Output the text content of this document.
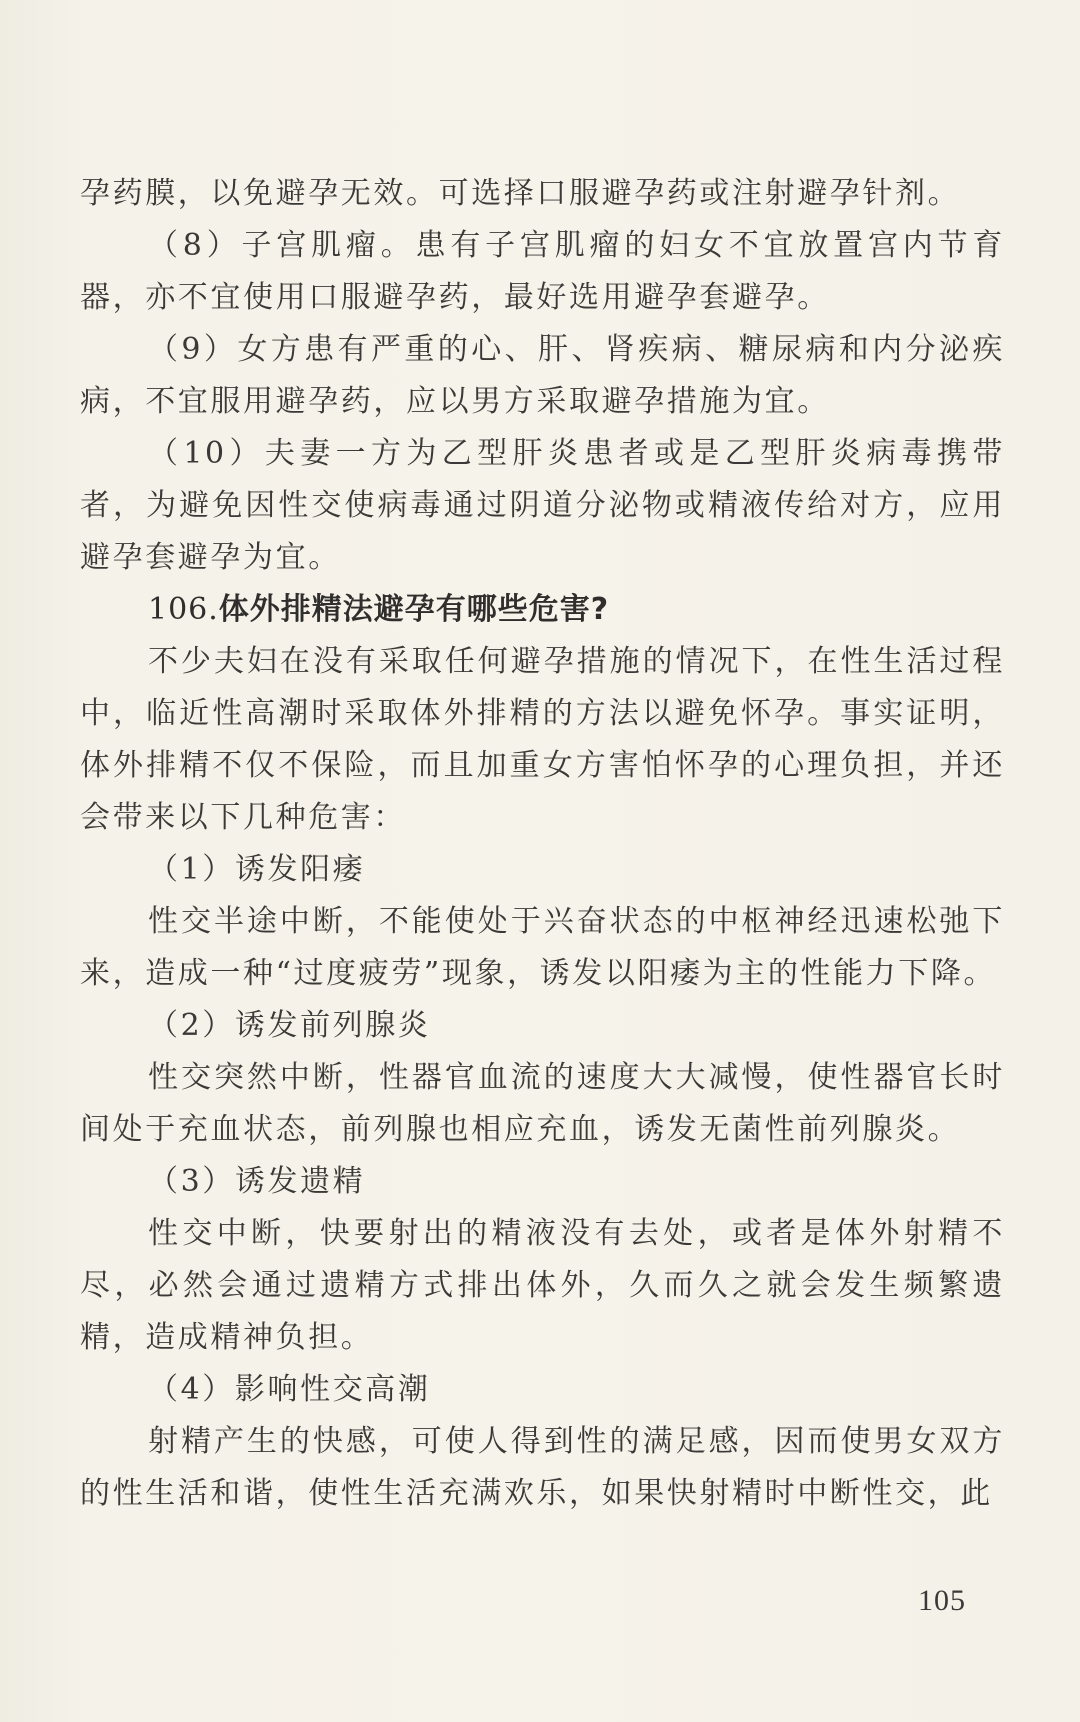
孕药膜，以免避孕无效。可选择口服避孕药或注射避孕针剂。

（8）子宫肌瘤。患有子宫肌瘤的妇女不宜放置宫内节育器，亦不宜使用口服避孕药，最好选用避孕套避孕。

（9）女方患有严重的心、肝、肾疾病、糖尿病和内分泌疾病，不宜服用避孕药，应以男方采取避孕措施为宜。

（10）夫妻一方为乙型肝炎患者或是乙型肝炎病毒携带者，为避免因性交使病毒通过阴道分泌物或精液传给对方，应用避孕套避孕为宜。

106.体外排精法避孕有哪些危害?

不少夫妇在没有采取任何避孕措施的情况下，在性生活过程中，临近性高潮时采取体外排精的方法以避免怀孕。事实证明，体外排精不仅不保险，而且加重女方害怕怀孕的心理负担，并还会带来以下几种危害：

（1）诱发阳痿

性交半途中断，不能使处于兴奋状态的中枢神经迅速松弛下来，造成一种“过度疲劳”现象，诱发以阳痿为主的性能力下降。

（2）诱发前列腺炎

性交突然中断，性器官血流的速度大大减慢，使性器官长时间处于充血状态，前列腺也相应充血，诱发无菌性前列腺炎。

（3）诱发遗精

性交中断，快要射出的精液没有去处，或者是体外射精不尽，必然会通过遗精方式排出体外，久而久之就会发生频繁遗精，造成精神负担。

（4）影响性交高潮

射精产生的快感，可使人得到性的满足感，因而使男女双方的性生活和谐，使性生活充满欢乐，如果快射精时中断性交，此

105
